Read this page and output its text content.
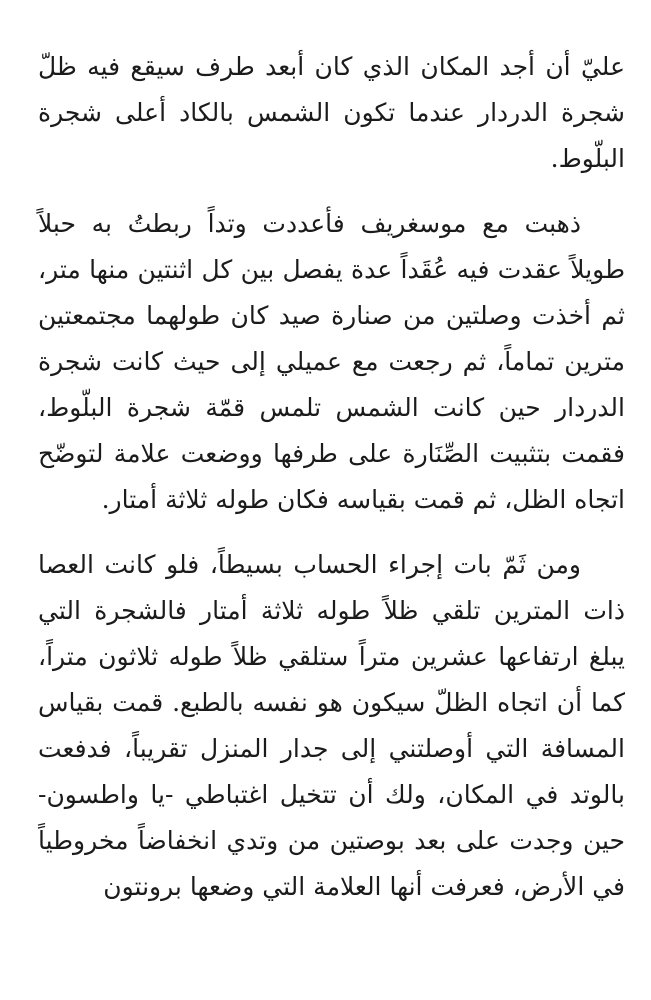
عليّ أن أجد المكان الذي كان أبعد طرف سيقع فيه ظلّ شجرة الدردار عندما تكون الشمس بالكاد أعلى شجرة البلّوط.

ذهبت مع موسغريف فأعددت وتداً ربطتُ به حبلاً طويلاً عقدت فيه عُقَداً عدة يفصل بين كل اثنتين منها متر، ثم أخذت وصلتين من صنارة صيد كان طولهما مجتمعتين مترين تماماً، ثم رجعت مع عميلي إلى حيث كانت شجرة الدردار حين كانت الشمس تلمس قمّة شجرة البلّوط، فقمت بتثبيت الصِّنَارة على طرفها ووضعت علامة لتوضّح اتجاه الظل، ثم قمت بقياسه فكان طوله ثلاثة أمتار.

ومن ثَمّ بات إجراء الحساب بسيطاً، فلو كانت العصا ذات المترين تلقي ظلاً طوله ثلاثة أمتار فالشجرة التي يبلغ ارتفاعها عشرين متراً ستلقي ظلاً طوله ثلاثون متراً، كما أن اتجاه الظلّ سيكون هو نفسه بالطبع. قمت بقياس المسافة التي أوصلتني إلى جدار المنزل تقريباً، فدفعت بالوتد في المكان، ولك أن تتخيل اغتباطي -يا واطسون- حين وجدت على بعد بوصتين من وتدي انخفاضاً مخروطياً في الأرض، فعرفت أنها العلامة التي وضعها برونتون
